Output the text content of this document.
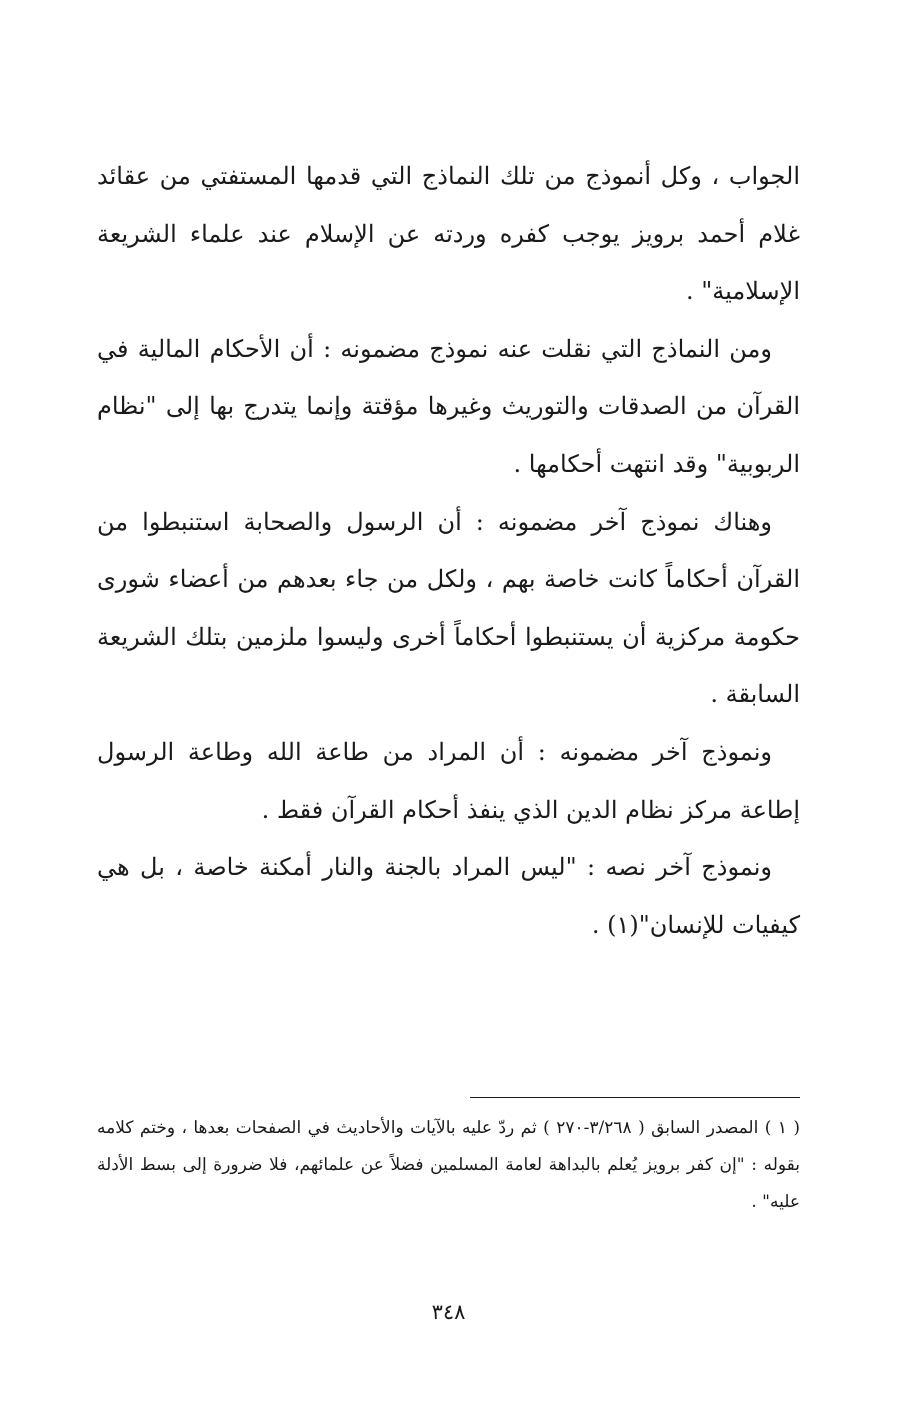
الجواب ، وكل أنموذج من تلك النماذج التي قدمها المستفتي من عقائد غلام أحمد برويز يوجب كفره وردته عن الإسلام عند علماء الشريعة الإسلامية" .

ومن النماذج التي نقلت عنه نموذج مضمونه : أن الأحكام المالية في القرآن من الصدقات والتوريث وغيرها مؤقتة وإنما يتدرج بها إلى "نظام الربوبية" وقد انتهت أحكامها .

وهناك نموذج آخر مضمونه : أن الرسول والصحابة استنبطوا من القرآن أحكاماً كانت خاصة بهم ، ولكل من جاء بعدهم من أعضاء شورى حكومة مركزية أن يستنبطوا أحكاماً أخرى وليسوا ملزمين بتلك الشريعة السابقة .

ونموذج آخر مضمونه : أن المراد من طاعة الله وطاعة الرسول إطاعة مركز نظام الدين الذي ينفذ أحكام القرآن فقط .

ونموذج آخر نصه : "ليس المراد بالجنة والنار أمكنة خاصة ، بل هي كيفيات للإنسان"(١) .

( ١ ) المصدر السابق ( ٣/٢٦٨-٢٧٠ ) ثم ردّ عليه بالآيات والأحاديث في الصفحات بعدها ، وختم كلامه بقوله : "إن كفر برويز يُعلم بالبداهة لعامة المسلمين فضلاً عن علمائهم، فلا ضرورة إلى بسط الأدلة عليه" .

٣٤٨
